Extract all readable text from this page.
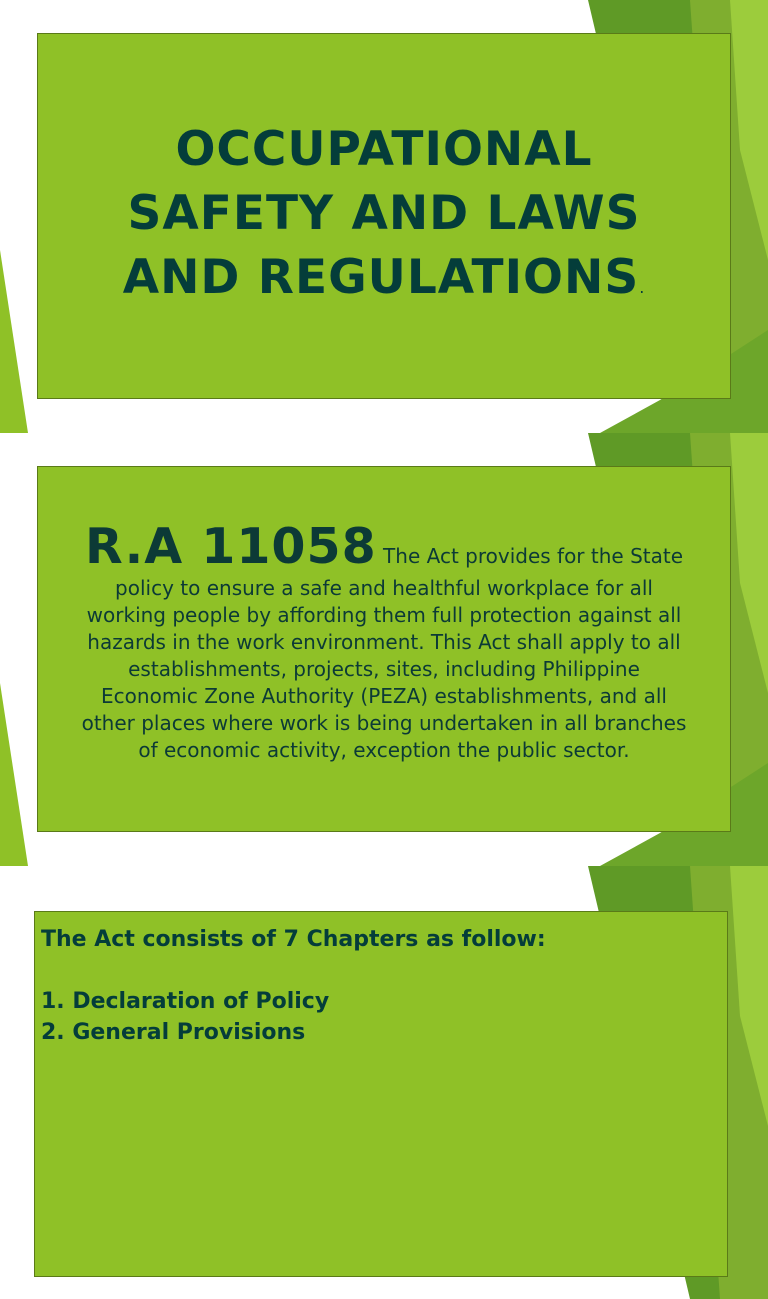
OCCUPATIONAL
SAFETY AND LAWS
AND REGULATIONS.
R.A 11058 The Act provides for the State
policy to ensure a safe and healthful workplace for all
working people by affording them full protection against all
hazards in the work environment. This Act shall apply to all
establishments, projects, sites, including Philippine
Economic Zone Authority (PEZA) establishments, and all
other places where work is being undertaken in all branches
of economic activity, exception the public sector.
The Act consists of 7 Chapters as follow:
1. Declaration of Policy
2. General Provisions
